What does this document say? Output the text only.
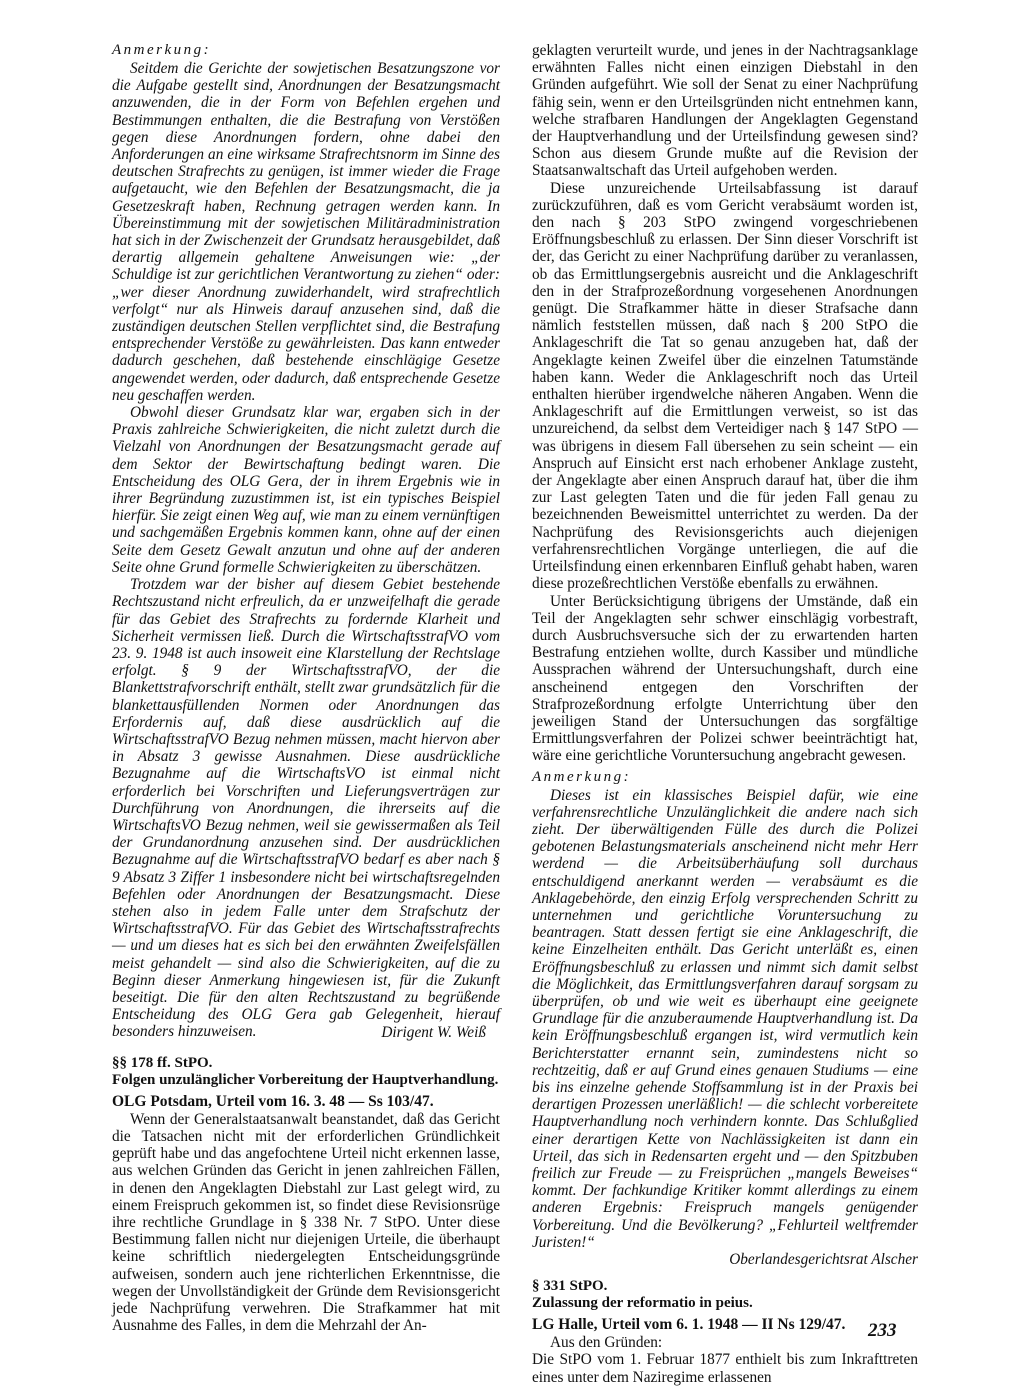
Anmerkung:

Seitdem die Gerichte der sowjetischen Besatzungszone vor die Aufgabe gestellt sind, Anordnungen der Besatzungsmacht anzuwenden, die in der Form von Befehlen ergehen und Bestimmungen enthalten, die die Bestrafung von Verstößen gegen diese Anordnungen fordern, ohne dabei den Anforderungen an eine wirksame Strafrechtsnorm im Sinne des deutschen Strafrechts zu genügen, ist immer wieder die Frage aufgetaucht, wie den Befehlen der Besatzungsmacht, die ja Gesetzeskraft haben, Rechnung getragen werden kann. In Übereinstimmung mit der sowjetischen Militäradministration hat sich in der Zwischenzeit der Grundsatz herausgebildet, daß derartig allgemein gehaltene Anweisungen wie: „der Schuldige ist zur gerichtlichen Verantwortung zu ziehen“ oder: „wer dieser Anordnung zuwiderhandelt, wird strafrechtlich verfolgt“ nur als Hinweis darauf anzusehen sind, daß die zuständigen deutschen Stellen verpflichtet sind, die Bestrafung entsprechender Verstöße zu gewährleisten. Das kann entweder dadurch geschehen, daß bestehende einschlägige Gesetze angewendet werden, oder dadurch, daß entsprechende Gesetze neu geschaffen werden.

Obwohl dieser Grundsatz klar war, ergaben sich in der Praxis zahlreiche Schwierigkeiten, die nicht zuletzt durch die Vielzahl von Anordnungen der Besatzungsmacht gerade auf dem Sektor der Bewirtschaftung bedingt waren. Die Entscheidung des OLG Gera, der in ihrem Ergebnis wie in ihrer Begründung zuzustimmen ist, ist ein typisches Beispiel hierfür. Sie zeigt einen Weg auf, wie man zu einem vernünftigen und sachgemäßen Ergebnis kommen kann, ohne auf der einen Seite dem Gesetz Gewalt anzutun und ohne auf der anderen Seite ohne Grund formelle Schwierigkeiten zu überschätzen.

Trotzdem war der bisher auf diesem Gebiet bestehende Rechtszustand nicht erfreulich, da er unzweifelhaft die gerade für das Gebiet des Strafrechts zu fordernde Klarheit und Sicherheit vermissen ließ. Durch die WirtschaftsstrafVO vom 23. 9. 1948 ist auch insoweit eine Klarstellung der Rechtslage erfolgt. § 9 der WirtschaftsstrafVO, der die Blankettstrafvorschrift enthält, stellt zwar grundsätzlich für die blankettausfüllenden Normen oder Anordnungen das Erfordernis auf, daß diese ausdrücklich auf die WirtschaftsstrafVO Bezug nehmen müssen, macht hiervon aber in Absatz 3 gewisse Ausnahmen. Diese ausdrückliche Bezugnahme auf die WirtschaftsVO ist einmal nicht erforderlich bei Vorschriften und Lieferungsverträgen zur Durchführung von Anordnungen, die ihrerseits auf die WirtschaftsVO Bezug nehmen, weil sie gewissermaßen als Teil der Grundanordnung anzusehen sind. Der ausdrücklichen Bezugnahme auf die WirtschaftsstrafVO bedarf es aber nach § 9 Absatz 3 Ziffer 1 insbesondere nicht bei wirtschaftsregelnden Befehlen oder Anordnungen der Besatzungsmacht. Diese stehen also in jedem Falle unter dem Strafschutz der WirtschaftsstrafVO. Für das Gebiet des Wirtschaftsstrafrechts — und um dieses hat es sich bei den erwähnten Zweifelsfällen meist gehandelt — sind also die Schwierigkeiten, auf die zu Beginn dieser Anmerkung hingewiesen ist, für die Zukunft beseitigt. Die für den alten Rechtszustand zu begrüßende Entscheidung des OLG Gera gab Gelegenheit, hierauf besonders hinzuweisen.	Dirigent W. Weiß

§§ 178 ff. StPO.
Folgen unzulänglicher Vorbereitung der Hauptverhandlung.
OLG Potsdam, Urteil vom 16. 3. 48 — Ss 103/47.

Wenn der Generalstaatsanwalt beanstandet, daß das Gericht die Tatsachen nicht mit der erforderlichen Gründlichkeit geprüft habe und das angefochtene Urteil nicht erkennen lasse, aus welchen Gründen das Gericht in jenen zahlreichen Fällen, in denen den Angeklagten Diebstahl zur Last gelegt wird, zu einem Freispruch gekommen ist, so findet diese Revisionsrüge ihre rechtliche Grundlage in § 338 Nr. 7 StPO. Unter diese Bestimmung fallen nicht nur diejenigen Urteile, die überhaupt keine schriftlich niedergelegten Entscheidungsgründe aufweisen, sondern auch jene richterlichen Erkenntnisse, die wegen der Unvollständigkeit der Gründe dem Revisionsgericht jede Nachprüfung verwehren. Die Strafkammer hat mit Ausnahme des Falles, in dem die Mehrzahl der An-

geklagten verurteilt wurde, und jenes in der Nachtragsanklage erwähnten Falles nicht einen einzigen Diebstahl in den Gründen aufgeführt. Wie soll der Senat zu einer Nachprüfung fähig sein, wenn er den Urteilsgründen nicht entnehmen kann, welche strafbaren Handlungen der Angeklagten Gegenstand der Hauptverhandlung und der Urteilsfindung gewesen sind? Schon aus diesem Grunde mußte auf die Revision der Staatsanwaltschaft das Urteil aufgehoben werden.

Diese unzureichende Urteilsabfassung ist darauf zurückzuführen, daß es vom Gericht verabsäumt worden ist, den nach § 203 StPO zwingend vorgeschriebenen Eröffnungsbeschluß zu erlassen. Der Sinn dieser Vorschrift ist der, das Gericht zu einer Nachprüfung darüber zu veranlassen, ob das Ermittlungsergebnis ausreicht und die Anklageschrift den in der Strafprozeßordnung vorgesehenen Anordnungen genügt. Die Strafkammer hätte in dieser Strafsache dann nämlich feststellen müssen, daß nach § 200 StPO die Anklageschrift die Tat so genau anzugeben hat, daß der Angeklagte keinen Zweifel über die einzelnen Tatumstände haben kann. Weder die Anklageschrift noch das Urteil enthalten hierüber irgendwelche näheren Angaben. Wenn die Anklageschrift auf die Ermittlungen verweist, so ist das unzureichend, da selbst dem Verteidiger nach § 147 StPO — was übrigens in diesem Fall übersehen zu sein scheint — ein Anspruch auf Einsicht erst nach erhobener Anklage zusteht, der Angeklagte aber einen Anspruch darauf hat, über die ihm zur Last gelegten Taten und die für jeden Fall genau zu bezeichnenden Beweismittel unterrichtet zu werden. Da der Nachprüfung des Revisionsgerichts auch diejenigen verfahrensrechtlichen Vorgänge unterliegen, die auf die Urteilsfindung einen erkennbaren Einfluß gehabt haben, waren diese prozeßrechtlichen Verstöße ebenfalls zu erwähnen.

Unter Berücksichtigung übrigens der Umstände, daß ein Teil der Angeklagten sehr schwer einschlägig vorbestraft, durch Ausbruchsversuche sich der zu erwartenden harten Bestrafung entziehen wollte, durch Kassiber und mündliche Aussprachen während der Untersuchungshaft, durch eine anscheinend entgegen den Vorschriften der Strafprozeßordnung erfolgte Unterrichtung über den jeweiligen Stand der Untersuchungen das sorgfältige Ermittlungsverfahren der Polizei schwer beeinträchtigt hat, wäre eine gerichtliche Voruntersuchung angebracht gewesen.

Anmerkung:

Dieses ist ein klassisches Beispiel dafür, wie eine verfahrensrechtliche Unzulänglichkeit die andere nach sich zieht. Der überwältigenden Fülle des durch die Polizei gebotenen Belastungsmaterials anscheinend nicht mehr Herr werdend — die Arbeitsüberhäufung soll durchaus entschuldigend anerkannt werden — verabsäumt es die Anklagebehörde, den einzig Erfolg versprechenden Schritt zu unternehmen und gerichtliche Voruntersuchung zu beantragen. Statt dessen fertigt sie eine Anklageschrift, die keine Einzelheiten enthält. Das Gericht unterläßt es, einen Eröffnungsbeschluß zu erlassen und nimmt sich damit selbst die Möglichkeit, das Ermittlungsverfahren darauf sorgsam zu überprüfen, ob und wie weit es überhaupt eine geeignete Grundlage für die anzuberaumende Hauptverhandlung ist. Da kein Eröffnungsbeschluß ergangen ist, wird vermutlich kein Berichterstatter ernannt sein, zumindestens nicht so rechtzeitig, daß er auf Grund eines genauen Studiums — eine bis ins einzelne gehende Stoffsammlung ist in der Praxis bei derartigen Prozessen unerläßlich! — die schlecht vorbereitete Hauptverhandlung noch verhindern konnte. Das Schlußglied einer derartigen Kette von Nachlässigkeiten ist dann ein Urteil, das sich in Redensarten ergeht und — den Spitzbuben freilich zur Freude — zu Freisprüchen „mangels Beweises“ kommt. Der fachkundige Kritiker kommt allerdings zu einem anderen Ergebnis: Freispruch mangels genügender Vorbereitung. Und die Bevölkerung? „Fehlurteil weltfremder Juristen!“

Oberlandesgerichtsrat Alscher

§ 331 StPO.
Zulassung der reformatio in peius.
LG Halle, Urteil vom 6. 1. 1948 — II Ns 129/47.

Aus den Gründen:

Die StPO vom 1. Februar 1877 enthielt bis zum Inkrafttreten eines unter dem Naziregime erlassenen

233
